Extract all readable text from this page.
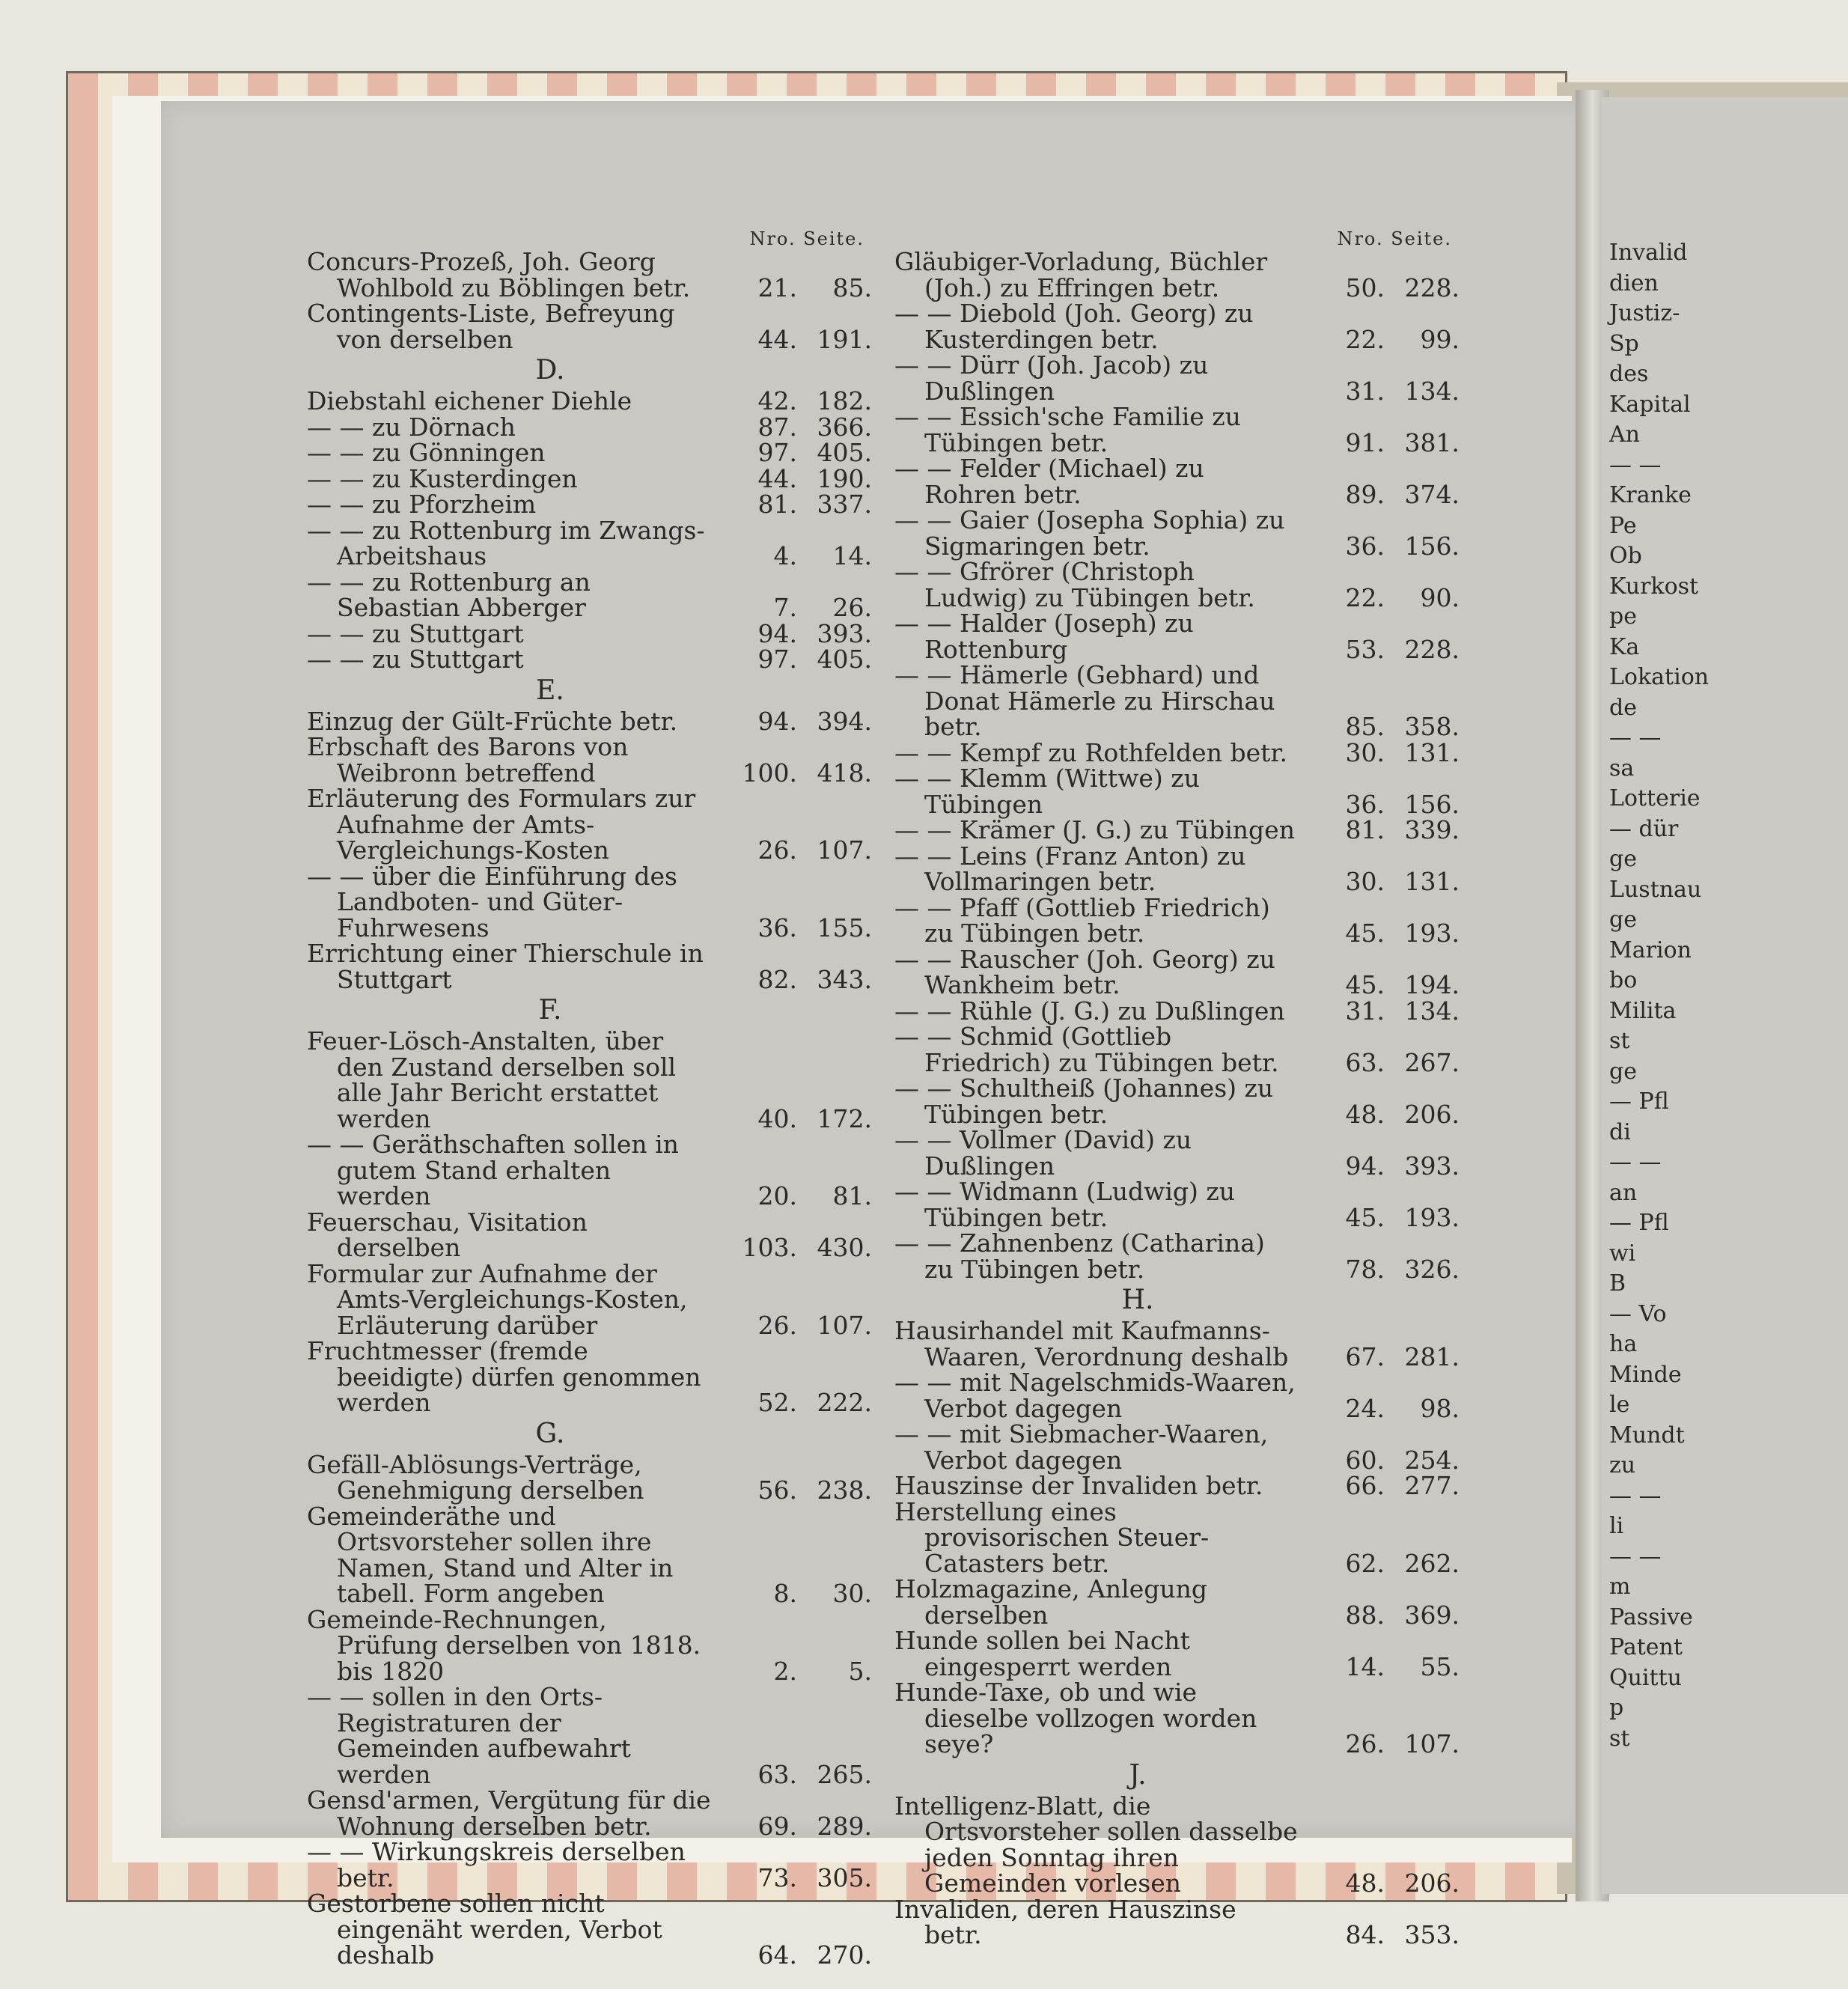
Invalid
dien
Justiz-
Sp
des
Kapital
An
— —
Kranke
Pe
Ob
Kurkost
pe
Ka
Lokation
de
— —
sa
Lotterie
— dür
ge
Lustnau
ge
Marion
bo
Milita
st
ge
— Pfl
di
— —
an
— Pfl
wi
B
— Vo
ha
Minde
le
Mundt
zu
— —
li
— —
m
Passive
Patent
Quittu
p
st
Nro. Seite.
Concurs-Prozeß, Joh. Georg Wohlbold zu Böblingen betr.	21. 85.
Contingents-Liste, Befreyung von derselben	44. 191.
D.
Diebstahl eichener Diehle	42. 182.
— — zu Dörnach	87. 366.
— — zu Gönningen	97. 405.
— — zu Kusterdingen	44. 190.
— — zu Pforzheim	81. 337.
— — zu Rottenburg im Zwangs-Arbeitshaus	4. 14.
— — zu Rottenburg an Sebastian Abberger	7. 26.
— — zu Stuttgart	94. 393.
— — zu Stuttgart	97. 405.
E.
Einzug der Gült-Früchte betr.	94. 394.
Erbschaft des Barons von Weibronn betreffend	100. 418.
Erläuterung des Formulars zur Aufnahme der Amts-Vergleichungs-Kosten	26. 107.
— — über die Einführung des Landboten- und Güter-Fuhrwesens	36. 155.
Errichtung einer Thierschule in Stuttgart	82. 343.
F.
Feuer-Lösch-Anstalten, über den Zustand derselben soll alle Jahr Bericht erstattet werden	40. 172.
— — Geräthschaften sollen in gutem Stand erhalten werden	20. 81.
Feuerschau, Visitation derselben	103. 430.
Formular zur Aufnahme der Amts-Vergleichungs-Kosten, Erläuterung darüber	26. 107.
Fruchtmesser (fremde beeidigte) dürfen genommen werden	52. 222.
G.
Gefäll-Ablösungs-Verträge, Genehmigung derselben	56. 238.
Gemeinderäthe und Ortsvorsteher sollen ihre Namen, Stand und Alter in tabell. Form angeben	8. 30.
Gemeinde-Rechnungen, Prüfung derselben von 1818. bis 1820	2. 5.
— — sollen in den Orts-Registraturen der Gemeinden aufbewahrt werden	63. 265.
Gensd'armen, Vergütung für die Wohnung derselben betr.	69. 289.
— — Wirkungskreis derselben betr.	73. 305.
Gestorbene sollen nicht eingenäht werden, Verbot deshalb	64. 270.
Nro. Seite.
Gläubiger-Vorladung, Büchler (Joh.) zu Effringen betr.	50. 228.
— — Diebold (Joh. Georg) zu Kusterdingen betr.	22. 99.
— — Dürr (Joh. Jacob) zu Dußlingen	31. 134.
— — Essich'sche Familie zu Tübingen betr.	91. 381.
— — Felder (Michael) zu Rohren betr.	89. 374.
— — Gaier (Josepha Sophia) zu Sigmaringen betr.	36. 156.
— — Gfrörer (Christoph Ludwig) zu Tübingen betr.	22. 90.
— — Halder (Joseph) zu Rottenburg	53. 228.
— — Hämerle (Gebhard) und Donat Hämerle zu Hirschau betr.	85. 358.
— — Kempf zu Rothfelden betr.	30. 131.
— — Klemm (Wittwe) zu Tübingen	36. 156.
— — Krämer (J. G.) zu Tübingen	81. 339.
— — Leins (Franz Anton) zu Vollmaringen betr.	30. 131.
— — Pfaff (Gottlieb Friedrich) zu Tübingen betr.	45. 193.
— — Rauscher (Joh. Georg) zu Wankheim betr.	45. 194.
— — Rühle (J. G.) zu Dußlingen	31. 134.
— — Schmid (Gottlieb Friedrich) zu Tübingen betr.	63. 267.
— — Schultheiß (Johannes) zu Tübingen betr.	48. 206.
— — Vollmer (David) zu Dußlingen	94. 393.
— — Widmann (Ludwig) zu Tübingen betr.	45. 193.
— — Zahnenbenz (Catharina) zu Tübingen betr.	78. 326.
H.
Hausirhandel mit Kaufmanns-Waaren, Verordnung deshalb	67. 281.
— — mit Nagelschmids-Waaren, Verbot dagegen	24. 98.
— — mit Siebmacher-Waaren, Verbot dagegen	60. 254.
Hauszinse der Invaliden betr.	66. 277.
Herstellung eines provisorischen Steuer-Catasters betr.	62. 262.
Holzmagazine, Anlegung derselben	88. 369.
Hunde sollen bei Nacht eingesperrt werden	14. 55.
Hunde-Taxe, ob und wie dieselbe vollzogen worden seye?	26. 107.
J.
Intelligenz-Blatt, die Ortsvorsteher sollen dasselbe jeden Sonntag ihren Gemeinden vorlesen	48. 206.
Invaliden, deren Hauszinse betr.	84. 353.
